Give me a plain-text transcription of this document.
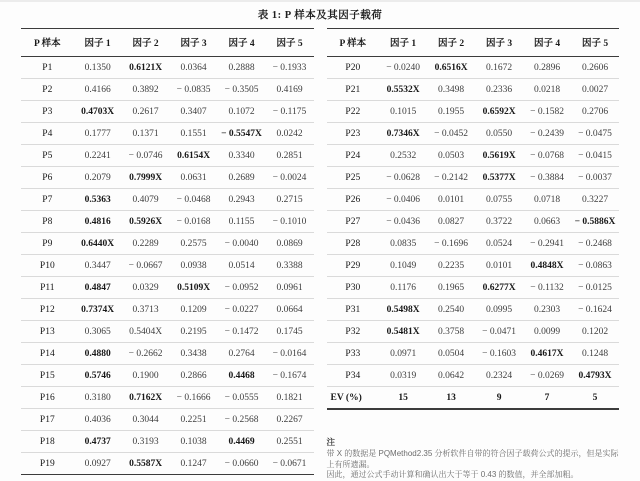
表 1: P 样本及其因子载荷
P 样本	因子 1	因子 2	因子 3	因子 4	因子 5
P1	0.1350	0.6121X	0.0364	0.2888	− 0.1933
P2	0.4166	0.3892	− 0.0835	− 0.3505	0.4169
P3	0.4703X	0.2617	0.3407	0.1072	− 0.1175
P4	0.1777	0.1371	0.1551	− 0.5547X	0.0242
P5	0.2241	− 0.0746	0.6154X	0.3340	0.2851
P6	0.2079	0.7999X	0.0631	0.2689	− 0.0024
P7	0.5363	0.4079	− 0.0468	0.2943	0.2715
P8	0.4816	0.5926X	− 0.0168	0.1155	− 0.1010
P9	0.6440X	0.2289	0.2575	− 0.0040	0.0869
P10	0.3447	− 0.0667	0.0938	0.0514	0.3388
P11	0.4847	0.0329	0.5109X	− 0.0952	0.0961
P12	0.7374X	0.3713	0.1209	− 0.0227	0.0664
P13	0.3065	0.5404X	0.2195	− 0.1472	0.1745
P14	0.4880	− 0.2662	0.3438	0.2764	− 0.0164
P15	0.5746	0.1900	0.2866	0.4468	− 0.1674
P16	0.3180	0.7162X	− 0.1666	− 0.0555	0.1821
P17	0.4036	0.3044	0.2251	− 0.2568	0.2267
P18	0.4737	0.3193	0.1038	0.4469	0.2551
P19	0.0927	0.5587X	0.1247	− 0.0660	− 0.0671
P 样本	因子 1	因子 2	因子 3	因子 4	因子 5
P20	− 0.0240	0.6516X	0.1672	0.2896	0.2606
P21	0.5532X	0.3498	0.2336	0.0218	0.0027
P22	0.1015	0.1955	0.6592X	− 0.1582	0.2706
P23	0.7346X	− 0.0452	0.0550	− 0.2439	− 0.0475
P24	0.2532	0.0503	0.5619X	− 0.0768	− 0.0415
P25	− 0.0628	− 0.2142	0.5377X	− 0.3884	− 0.0037
P26	− 0.0406	0.0101	0.0755	0.0718	0.3227
P27	− 0.0436	0.0827	0.3722	0.0663	− 0.5886X
P28	0.0835	− 0.1696	0.0524	− 0.2941	− 0.2468
P29	0.1049	0.2235	0.0101	0.4848X	− 0.0863
P30	0.1176	0.1965	0.6277X	− 0.1132	− 0.0125
P31	0.5498X	0.2540	0.0995	0.2303	− 0.1624
P32	0.5481X	0.3758	− 0.0471	0.0099	0.1202
P33	0.0971	0.0504	− 0.1603	0.4617X	0.1248
P34	0.0319	0.0642	0.2324	− 0.0269	0.4793X
EV (%)	15	13	9	7	5
注
带 X 的数据是 PQMethod2.35 分析软件自带的符合因子载荷公式的提示，但是实际上有所遗漏。
因此，通过公式手动计算和确认出大于等于 0.43 的数值，并全部加粗。
